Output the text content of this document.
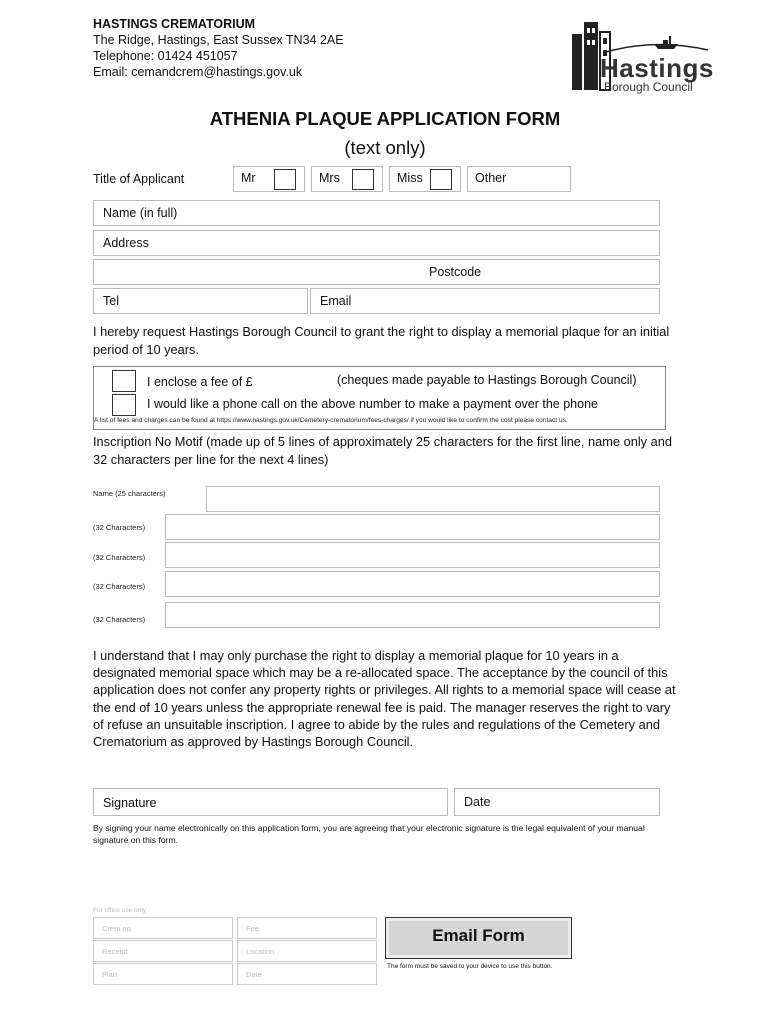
HASTINGS CREMATORIUM
The Ridge, Hastings, East Sussex TN34 2AE
Telephone: 01424 451057
Email: cemandcrem@hastings.gov.uk	Hastings
Borough Council
ATHENIA PLAQUE APPLICATION FORM
(text only)
Title of Applicant	Mr	Mrs	Miss	Other
Name (in full)
Address
Postcode
Tel	Email
I hereby request Hastings Borough Council to grant the right to display a memorial plaque for an initial period of 10 years.
I enclose a fee of £	(cheques made payable to Hastings Borough Council)
I would like a phone call on the above number to make a payment over the phone
A list of fees and charges can be found at https://www.hastings.gov.uk/Cemetery-crematorium/fees-charges/ if you would like to confirm the cost please contact us.
Inscription No Motif (made up of 5 lines of approximately 25 characters for the first line, name only and 32 characters per line for the next 4 lines)
Name (25 characters)
(32 Characters)
(32 Characters)
(32 Characters)
(32 Characters)
I understand that I may only purchase the right to display a memorial plaque for 10 years in a designated memorial space which may be a re-allocated space. The acceptance by the council of this application does not confer any property rights or privileges. All rights to a memorial space will cease at the end of 10 years unless the appropriate renewal fee is paid. The manager reserves the right to vary of refuse an unsuitable inscription. I agree to abide by the rules and regulations of the Cemetery and Crematorium as approved by Hastings Borough Council.
Signature	Date
By signing your name electronically on this application form, you are agreeing that your electronic signature is the legal equivalent of your manual signature on this form.
For office use only
Crem no	Fee
Receipt	Location
Plan	Date
Email Form
The form must be saved to your device to use this button.
